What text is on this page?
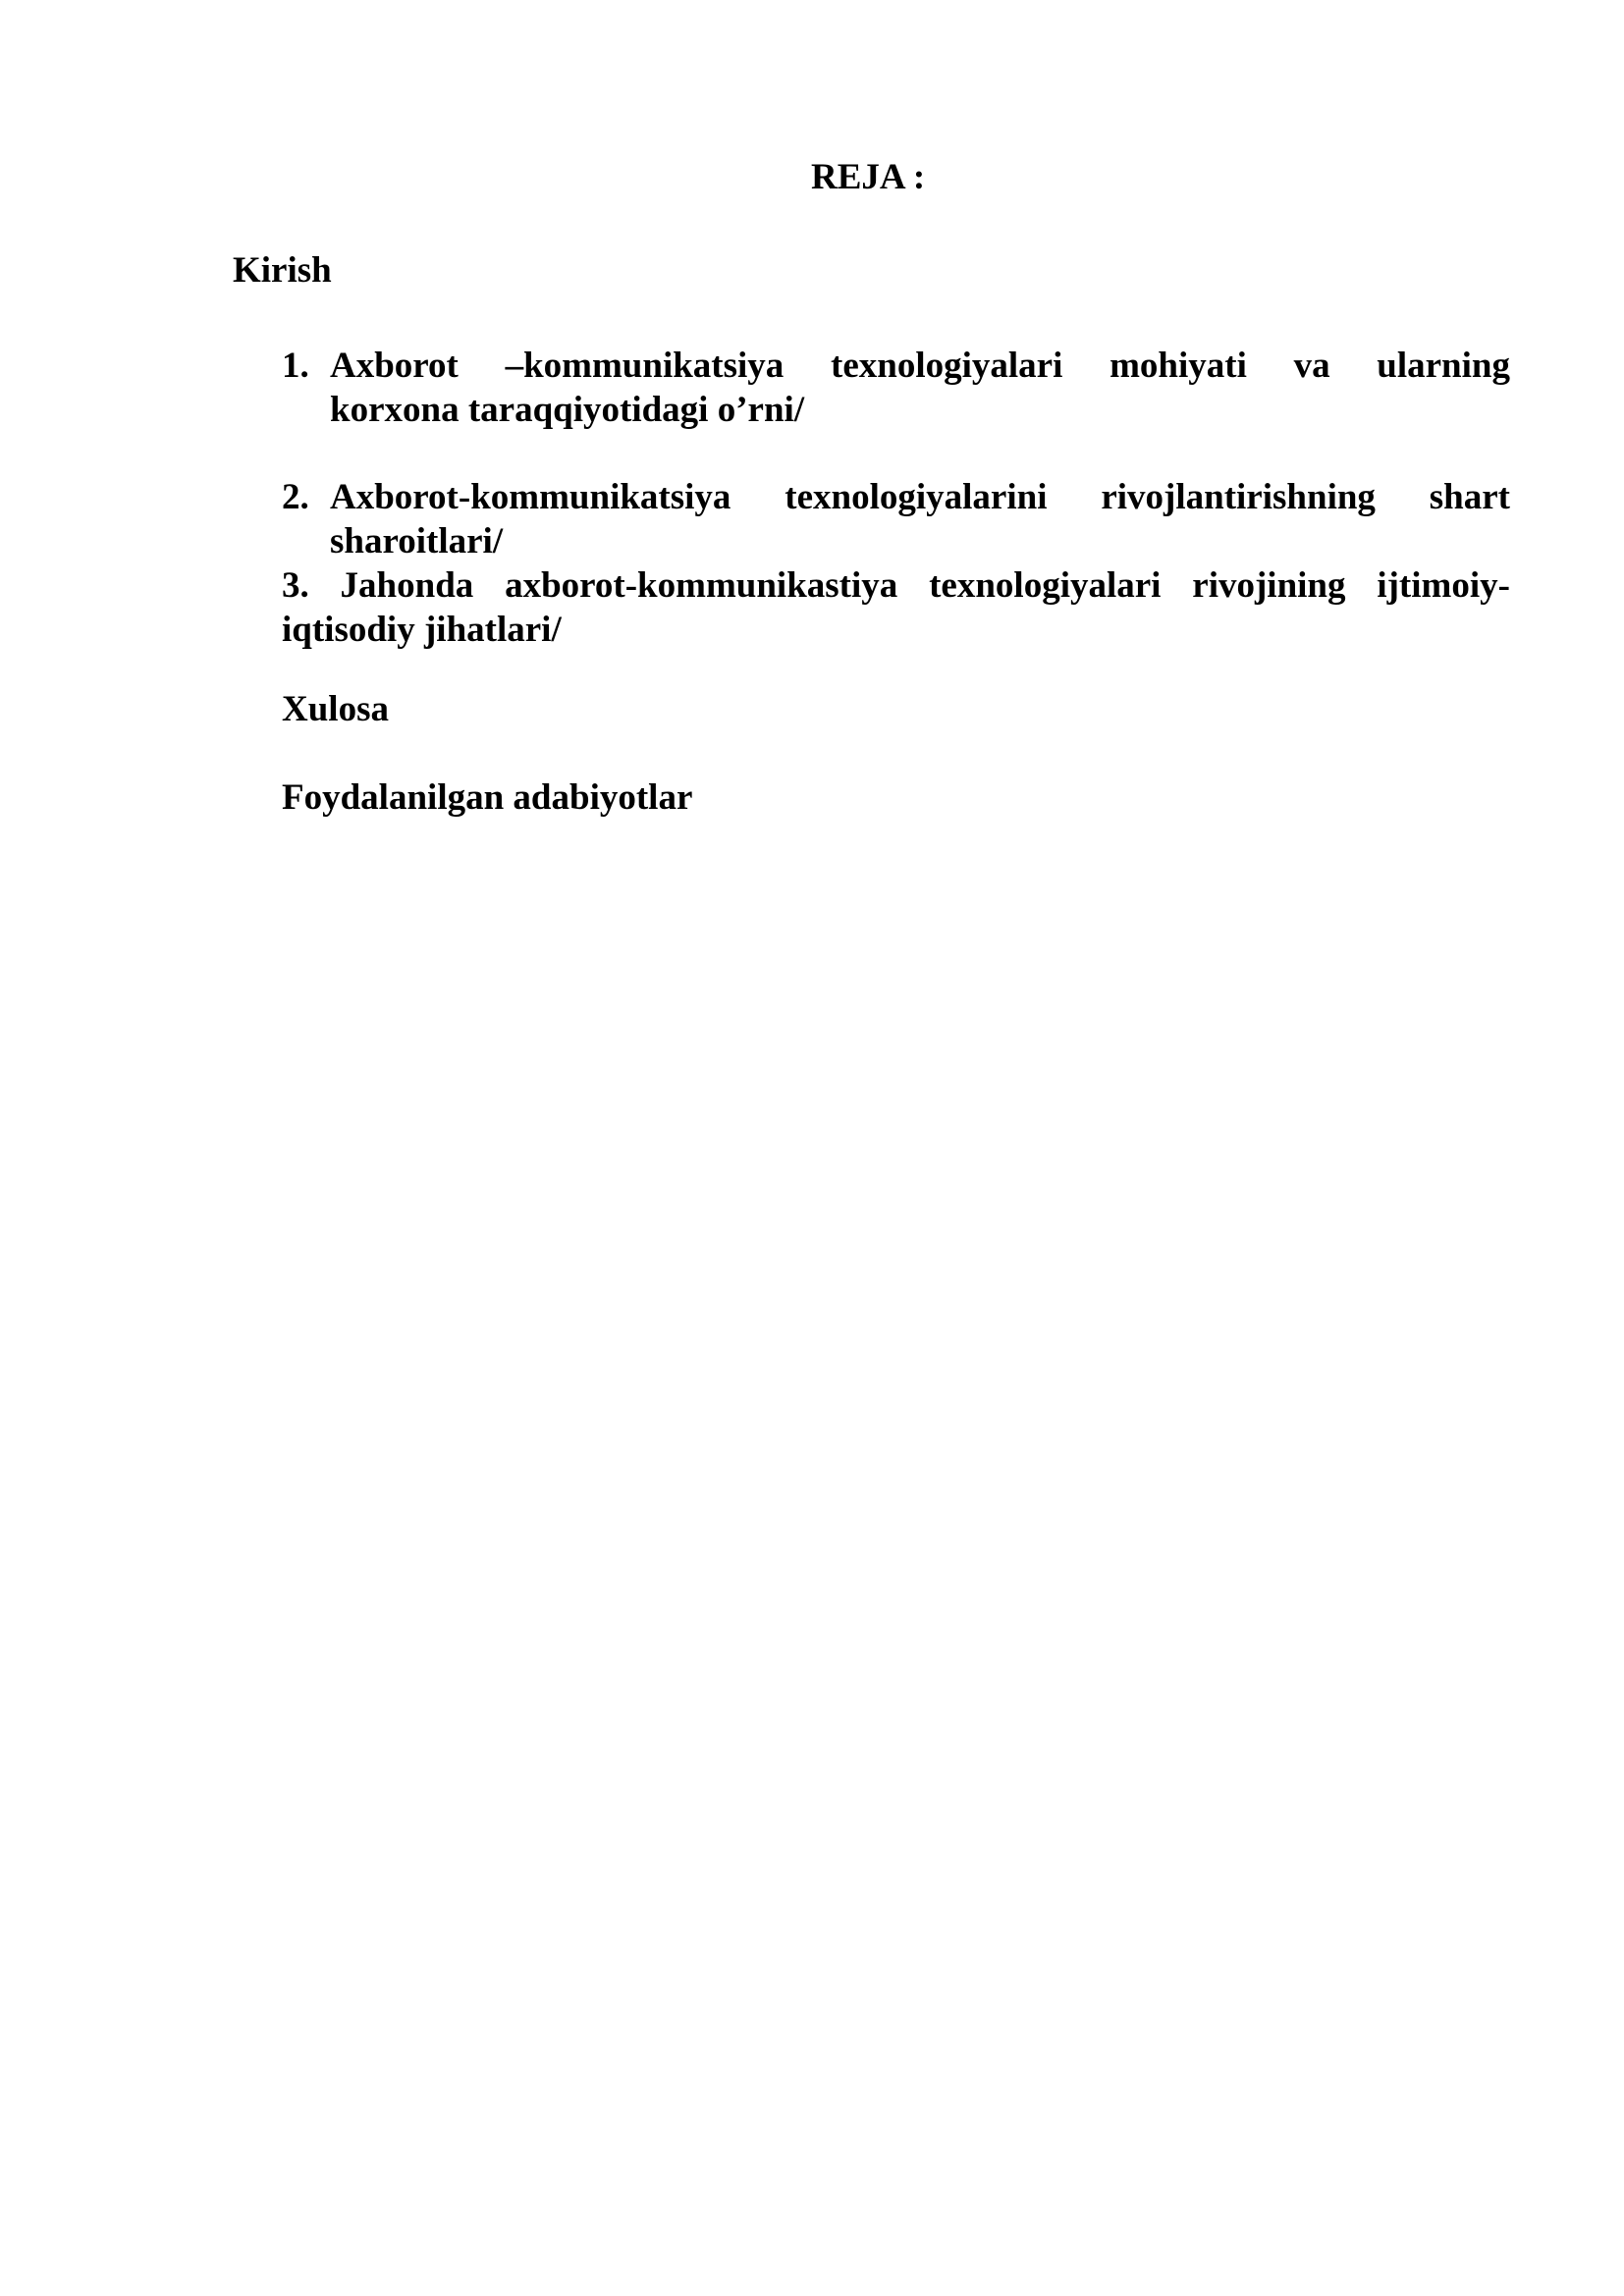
REJA :
Kirish
1. Axborot –kommunikatsiya texnologiyalari mohiyati va ularning
korxona taraqqiyotidagi o’rni/
2. Axborot-kommunikatsiya texnologiyalarini rivojlantirishning shart
sharoitlari/
3. Jahonda axborot-kommunikastiya texnologiyalari rivojining ijtimoiy-
iqtisodiy jihatlari/
Xulosa
Foydalanilgan adabiyotlar
